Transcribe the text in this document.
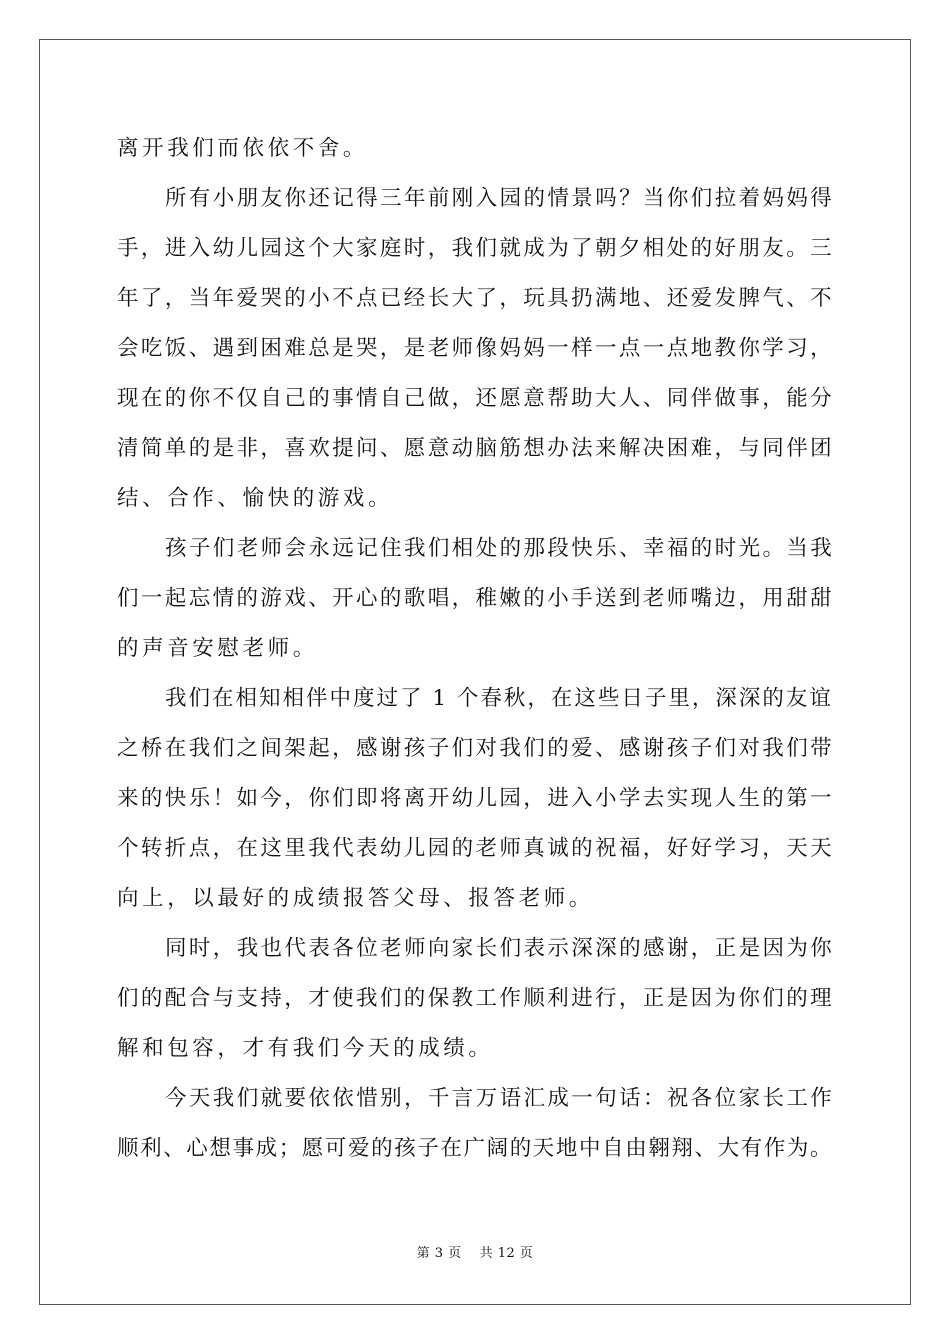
离开我们而依依不舍。
所有小朋友你还记得三年前刚入园的情景吗？当你们拉着妈妈得
手，进入幼儿园这个大家庭时，我们就成为了朝夕相处的好朋友。三
年了，当年爱哭的小不点已经长大了，玩具扔满地、还爱发脾气、不
会吃饭、遇到困难总是哭，是老师像妈妈一样一点一点地教你学习，
现在的你不仅自己的事情自己做，还愿意帮助大人、同伴做事，能分
清简单的是非，喜欢提问、愿意动脑筋想办法来解决困难，与同伴团
结、合作、愉快的游戏。
孩子们老师会永远记住我们相处的那段快乐、幸福的时光。当我
们一起忘情的游戏、开心的歌唱，稚嫩的小手送到老师嘴边，用甜甜
的声音安慰老师。
我们在相知相伴中度过了 1 个春秋，在这些日子里，深深的友谊
之桥在我们之间架起，感谢孩子们对我们的爱、感谢孩子们对我们带
来的快乐！如今，你们即将离开幼儿园，进入小学去实现人生的第一
个转折点，在这里我代表幼儿园的老师真诚的祝福，好好学习，天天
向上，以最好的成绩报答父母、报答老师。
同时，我也代表各位老师向家长们表示深深的感谢，正是因为你
们的配合与支持，才使我们的保教工作顺利进行，正是因为你们的理
解和包容，才有我们今天的成绩。
今天我们就要依依惜别，千言万语汇成一句话：祝各位家长工作
顺利、心想事成；愿可爱的孩子在广阔的天地中自由翱翔、大有作为。
第 3 页 共 12 页
